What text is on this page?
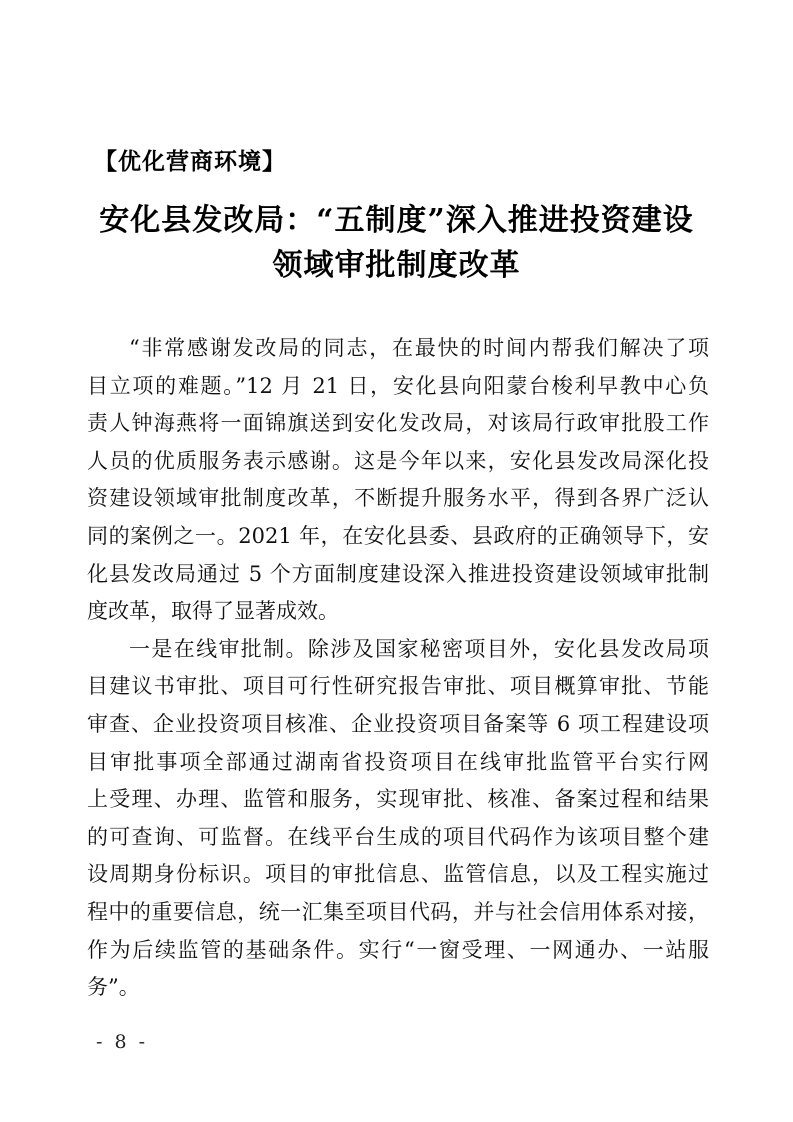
【优化营商环境】
安化县发改局：“五制度”深入推进投资建设
领域审批制度改革
“非常感谢发改局的同志，在最快的时间内帮我们解决了项
目立项的难题。”12 月 21 日，安化县向阳蒙台梭利早教中心负
责人钟海燕将一面锦旗送到安化发改局，对该局行政审批股工作
人员的优质服务表示感谢。这是今年以来，安化县发改局深化投
资建设领域审批制度改革，不断提升服务水平，得到各界广泛认
同的案例之一。2021 年，在安化县委、县政府的正确领导下，安
化县发改局通过 5 个方面制度建设深入推进投资建设领域审批制
度改革，取得了显著成效。
一是在线审批制。除涉及国家秘密项目外，安化县发改局项
目建议书审批、项目可行性研究报告审批、项目概算审批、节能
审查、企业投资项目核准、企业投资项目备案等 6 项工程建设项
目审批事项全部通过湖南省投资项目在线审批监管平台实行网
上受理、办理、监管和服务，实现审批、核准、备案过程和结果
的可查询、可监督。在线平台生成的项目代码作为该项目整个建
设周期身份标识。项目的审批信息、监管信息，以及工程实施过
程中的重要信息，统一汇集至项目代码，并与社会信用体系对接，
作为后续监管的基础条件。实行“一窗受理、一网通办、一站服
务”。
- 8 -
